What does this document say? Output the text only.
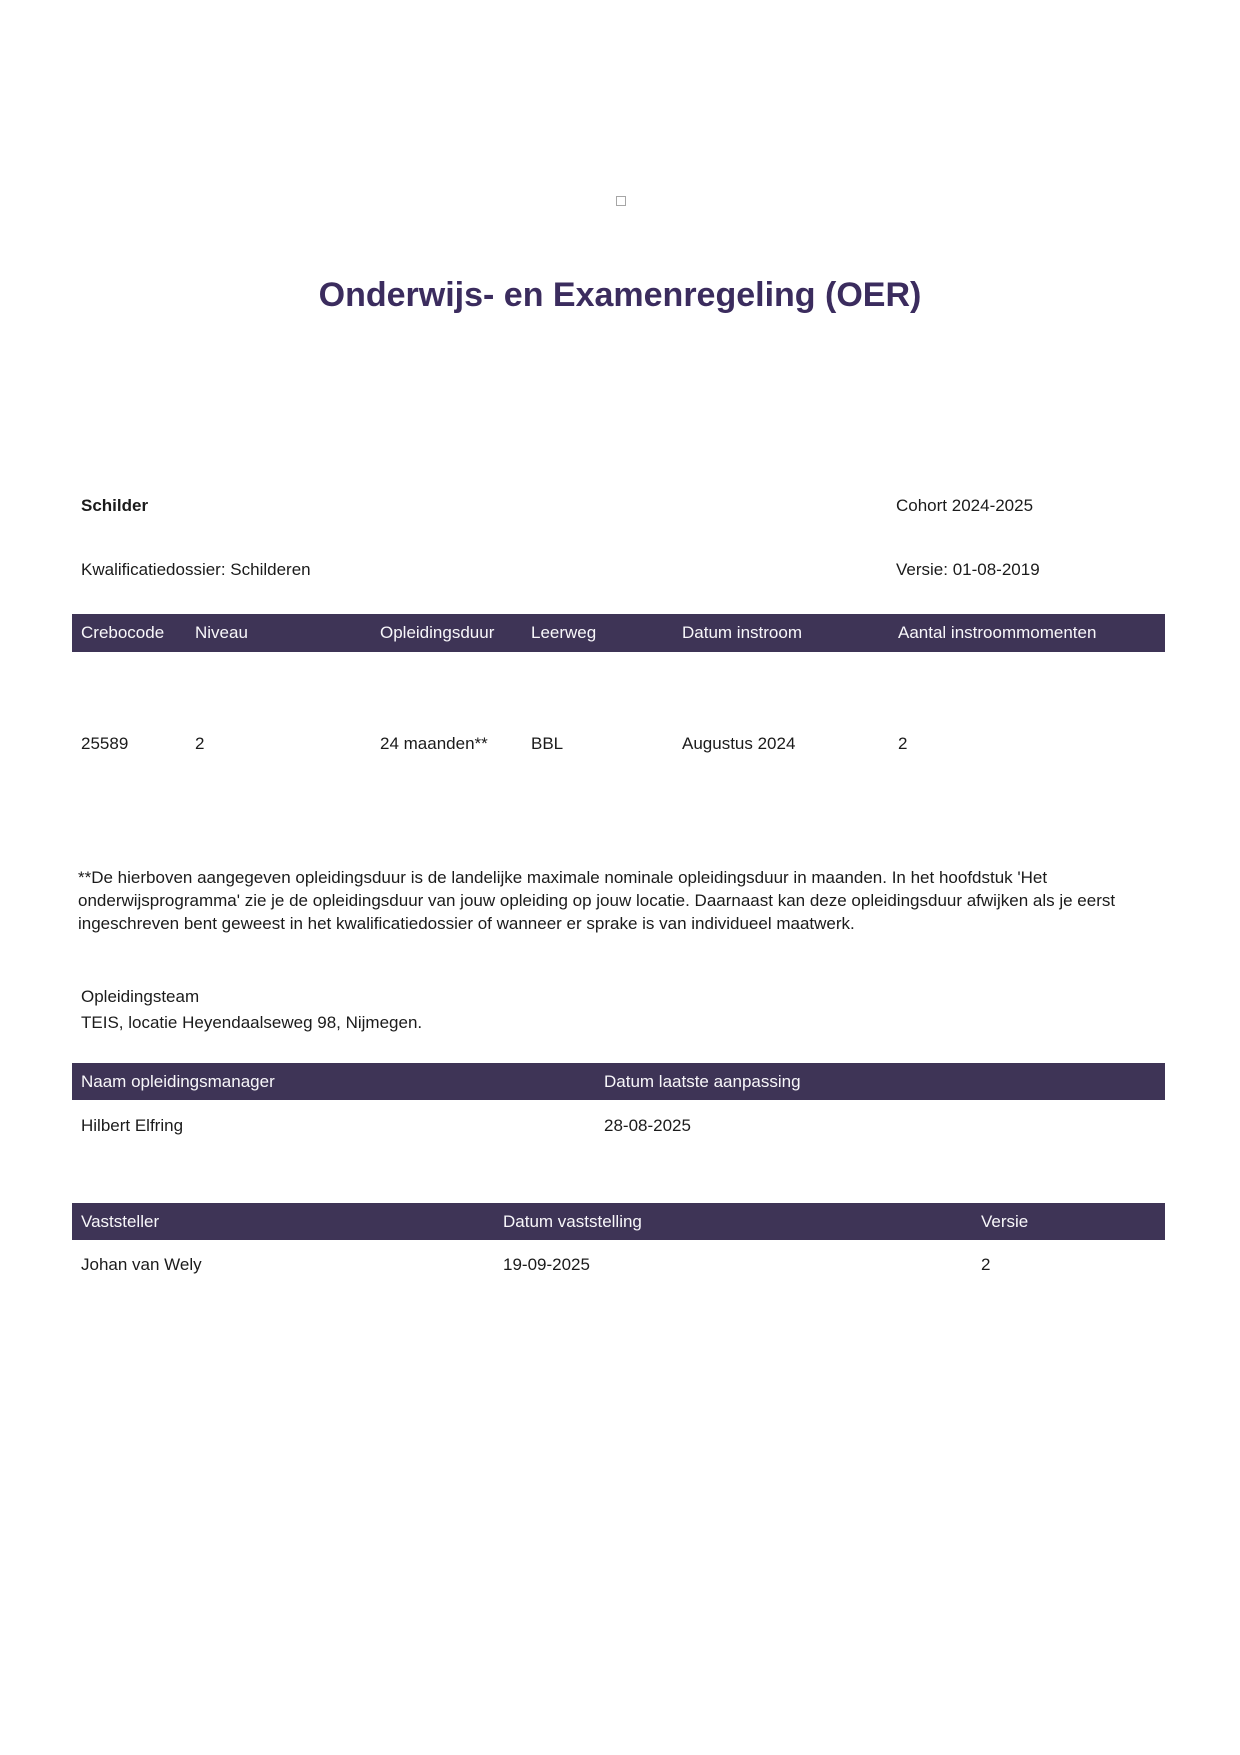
Onderwijs- en Examenregeling (OER)
Schilder	Cohort 2024-2025
Kwalificatiedossier: Schilderen	Versie: 01-08-2019
Crebocode	Niveau	Opleidingsduur	Leerweg	Datum instroom	Aantal instroommomenten
25589	2	24 maanden**	BBL	Augustus 2024	2

**De hierboven aangegeven opleidingsduur is de landelijke maximale nominale opleidingsduur in maanden. In het hoofdstuk 'Het onderwijsprogramma' zie je de opleidingsduur van jouw opleiding op jouw locatie. Daarnaast kan deze opleidingsduur afwijken als je eerst ingeschreven bent geweest in het kwalificatiedossier of wanneer er sprake is van individueel maatwerk.

Opleidingsteam
TEIS, locatie Heyendaalseweg 98, Nijmegen.
Naam opleidingsmanager	Datum laatste aanpassing
Hilbert Elfring	28-08-2025
Vaststeller	Datum vaststelling	Versie
Johan van Wely	19-09-2025	2
